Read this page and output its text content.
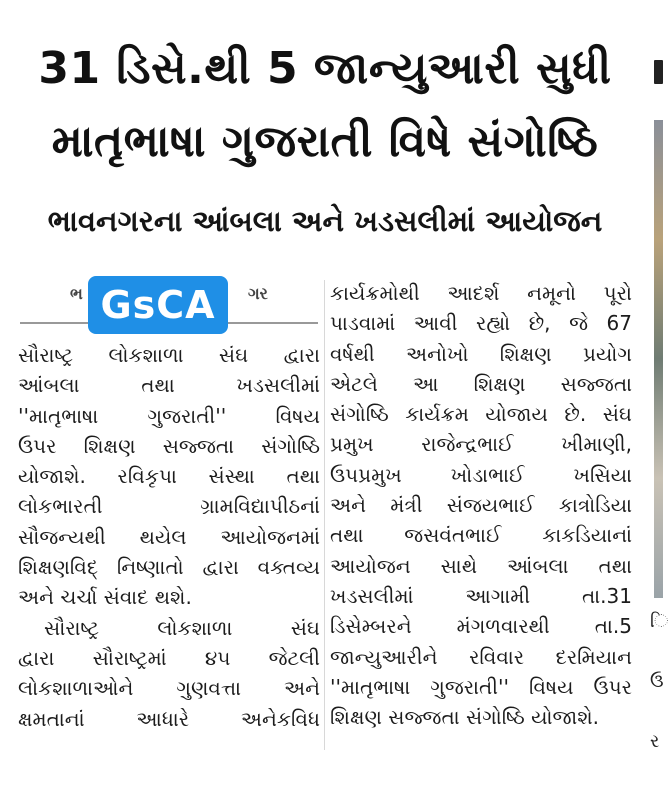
31 ડિસે.થી 5 જાન્યુઆરી સુધી
માતૃભાષા ગુજરાતી વિષે સંગોષ્ઠિ
ભાવનગરના આંબલા અને ખડસલીમાં આયોજન
ભ	ગર
સૌરાષ્ટ્ર લોકશાળા સંઘ દ્વારા
આંબલા તથા ખડસલીમાં
''માતૃભાષા ગુજરાતી'' વિષય
ઉપર શિક્ષણ સજ્જતા સંગોષ્ઠિ
યોજાશે. રવિકૃપા સંસ્થા તથા
લોકભારતી ગ્રામવિદ્યાપીઠનાં
સૌજન્યથી થયેલ આયોજનમાં
શિક્ષણવિદ્ નિષ્ણાતો દ્વારા વક્તવ્ય
અને ચર્ચા સંવાદ થશે.
સૌરાષ્ટ્ર લોકશાળા સંઘ
દ્વારા સૌરાષ્ટ્રમાં ૪૫ જેટલી
લોકશાળાઓને ગુણવત્તા અને
ક્ષમતાનાં આધારે અનેકવિધ
કાર્યક્રમોથી આદર્શ નમૂનો પૂરો
પાડવામાં આવી રહ્યો છે, જે 67
વર્ષથી અનોખો શિક્ષણ પ્રયોગ
એટલે આ શિક્ષણ સજ્જતા
સંગોષ્ઠિ કાર્યક્રમ યોજાય છે. સંઘ
પ્રમુખ રાજેન્દ્રભાઈ ખીમાણી,
ઉપપ્રમુખ ખોડાભાઈ ખસિયા
અને મંત્રી સંજયભાઈ કાત્રોડિયા
તથા જસવંતભાઈ કાકડિયાનાં
આયોજન સાથે આંબલા તથા
ખડસલીમાં આગામી તા.31
ડિસેમ્બરને મંગળવારથી તા.5
જાન્યુઆરીને રવિવાર દરમિયાન
''માતૃભાષા ગુજરાતી'' વિષય ઉપર
શિક્ષણ સજ્જતા સંગોષ્ઠિ યોજાશે.
GsCA
િ
ઉ
ર
